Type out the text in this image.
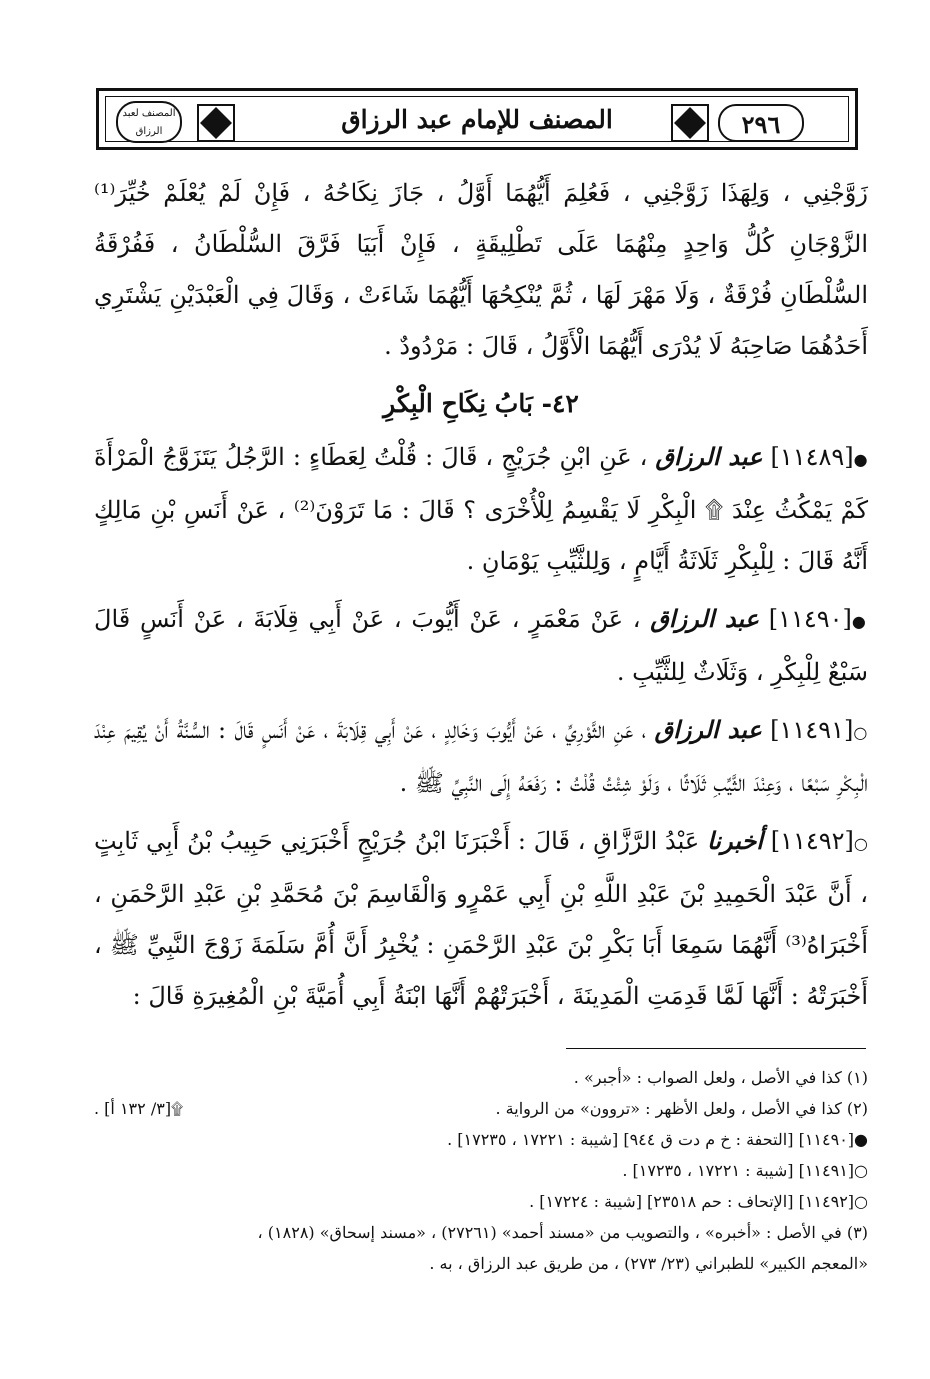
المصنف للإمام عبد الرزاق	٢٩٦
المصنف لعبد الرزاق

زَوَّجْنِي ، وَلِهَذَا زَوَّجْنِي ، فَعُلِمَ أَيُّهُمَا أَوَّلُ ، جَازَ نِكَاحُهُ ، فَإِنْ لَمْ يُعْلَمْ خُيِّرَ⁽¹⁾ الزَّوْجَانِ كُلُّ وَاحِدٍ مِنْهُمَا عَلَى تَطْلِيقَةٍ ، فَإِنْ أَبَيَا فَرَّقَ السُّلْطَانُ ، فَفُرْقَةُ السُّلْطَانِ فُرْقَةٌ ، وَلَا مَهْرَ لَهَا ، ثُمَّ يُنْكِحُهَا أَيُّهُمَا شَاءَتْ ، وَقَالَ فِي الْعَبْدَيْنِ يَشْتَرِي أَحَدُهُمَا صَاحِبَهُ لَا يُدْرَى أَيُّهُمَا الْأَوَّلُ ، قَالَ : مَرْدُودٌ .

٤٢- بَابُ نِكَاحِ الْبِكْرِ

●[١١٤٨٩] عبد الرزاق ، عَنِ ابْنِ جُرَيْجٍ ، قَالَ : قُلْتُ لِعَطَاءٍ : الرَّجُلُ يَتَزَوَّجُ الْمَرْأَةَ كَمْ يَمْكُثُ عِنْدَ ۩ الْبِكْرِ لَا يَقْسِمُ لِلْأُخْرَى ؟ قَالَ : مَا تَرَوْنَ⁽²⁾ ، عَنْ أَنَسِ بْنِ مَالِكٍ أَنَّهُ قَالَ : لِلْبِكْرِ ثَلَاثَةُ أَيَّامٍ ، وَلِلثَّيِّبِ يَوْمَانِ .

●[١١٤٩٠] عبد الرزاق ، عَنْ مَعْمَرٍ ، عَنْ أَيُّوبَ ، عَنْ أَبِي قِلَابَةَ ، عَنْ أَنَسٍ قَالَ سَبْعٌ لِلْبِكْرِ ، وَثَلَاثٌ لِلثَّيِّبِ .

○[١١٤٩١] عبد الرزاق ، عَنِ الثَّوْرِيِّ ، عَنْ أَيُّوبَ وَخَالِدٍ ، عَنْ أَبِي قِلَابَةَ ، عَنْ أَنَسٍ قَالَ : السُّنَّةُ أَنْ يُقِيمَ عِنْدَ الْبِكْرِ سَبْعًا ، وَعِنْدَ الثَّيِّبِ ثَلَاثًا ، وَلَوْ شِئْتُ قُلْتُ : رَفَعَهُ إِلَى النَّبِيِّ ﷺ .

○[١١٤٩٢] أخبرنا عَبْدُ الرَّزَّاقِ ، قَالَ : أَخْبَرَنَا ابْنُ جُرَيْجٍ أَخْبَرَنِي حَبِيبُ بْنُ أَبِي ثَابِتٍ ، أَنَّ عَبْدَ الْحَمِيدِ بْنَ عَبْدِ اللَّهِ بْنِ أَبِي عَمْرٍو وَالْقَاسِمَ بْنَ مُحَمَّدِ بْنِ عَبْدِ الرَّحْمَنِ ، أَخْبَرَاهُ⁽³⁾ أَنَّهُمَا سَمِعَا أَبَا بَكْرِ بْنَ عَبْدِ الرَّحْمَنِ : يُخْبِرُ أَنَّ أُمَّ سَلَمَةَ زَوْجَ النَّبِيِّ ﷺ ، أَخْبَرَتْهُ : أَنَّهَا لَمَّا قَدِمَتِ الْمَدِينَةَ ، أَخْبَرَتْهُمْ أَنَّهَا ابْنَةُ أَبِي أُمَيَّةَ بْنِ الْمُغِيرَةِ قَالَ :

(١) كذا في الأصل ، ولعل الصواب : «أجبر» .
(٢) كذا في الأصل ، ولعل الأظهر : «تروون» من الرواية .
۩[٣/ ١٣٢ أ] .
●[١١٤٩٠] [التحفة : خ م دت ق ٩٤٤] [شيبة : ١٧٢٢١ ، ١٧٢٣٥] .
○[١١٤٩١] [شيبة : ١٧٢٢١ ، ١٧٢٣٥] .
○[١١٤٩٢] [الإتحاف : حم ٢٣٥١٨] [شيبة : ١٧٢٢٤] .
(٣) في الأصل : «أخبره» ، والتصويب من «مسند أحمد» (٢٧٢٦١) ، «مسند إسحاق» (١٨٢٨) ،
«المعجم الكبير» للطبراني (٢٣/ ٢٧٣) ، من طريق عبد الرزاق ، به .
